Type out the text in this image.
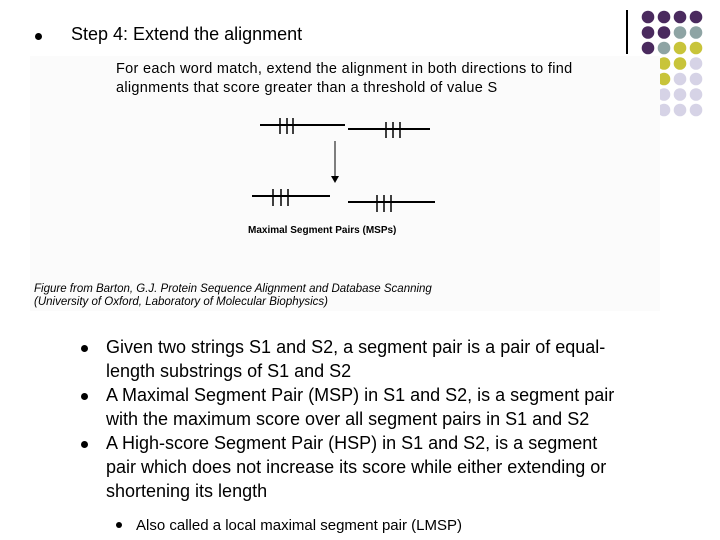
Step 4: Extend the alignment
For each word match, extend the alignment in both directions to find
alignments that score greater than a threshold of value S
Maximal Segment Pairs (MSPs)
Figure from Barton, G.J. Protein Sequence Alignment and Database Scanning
(University of Oxford, Laboratory of Molecular Biophysics)
Given two strings S1 and S2, a segment pair is a pair of equal-
length substrings of S1 and S2
A Maximal Segment Pair (MSP) in S1 and S2, is a segment pair
with the maximum score over all segment pairs in S1 and S2
A High-score Segment Pair (HSP) in S1 and S2, is a segment
pair which does not increase its score while either extending or
shortening its length
Also called a local maximal segment pair (LMSP)
